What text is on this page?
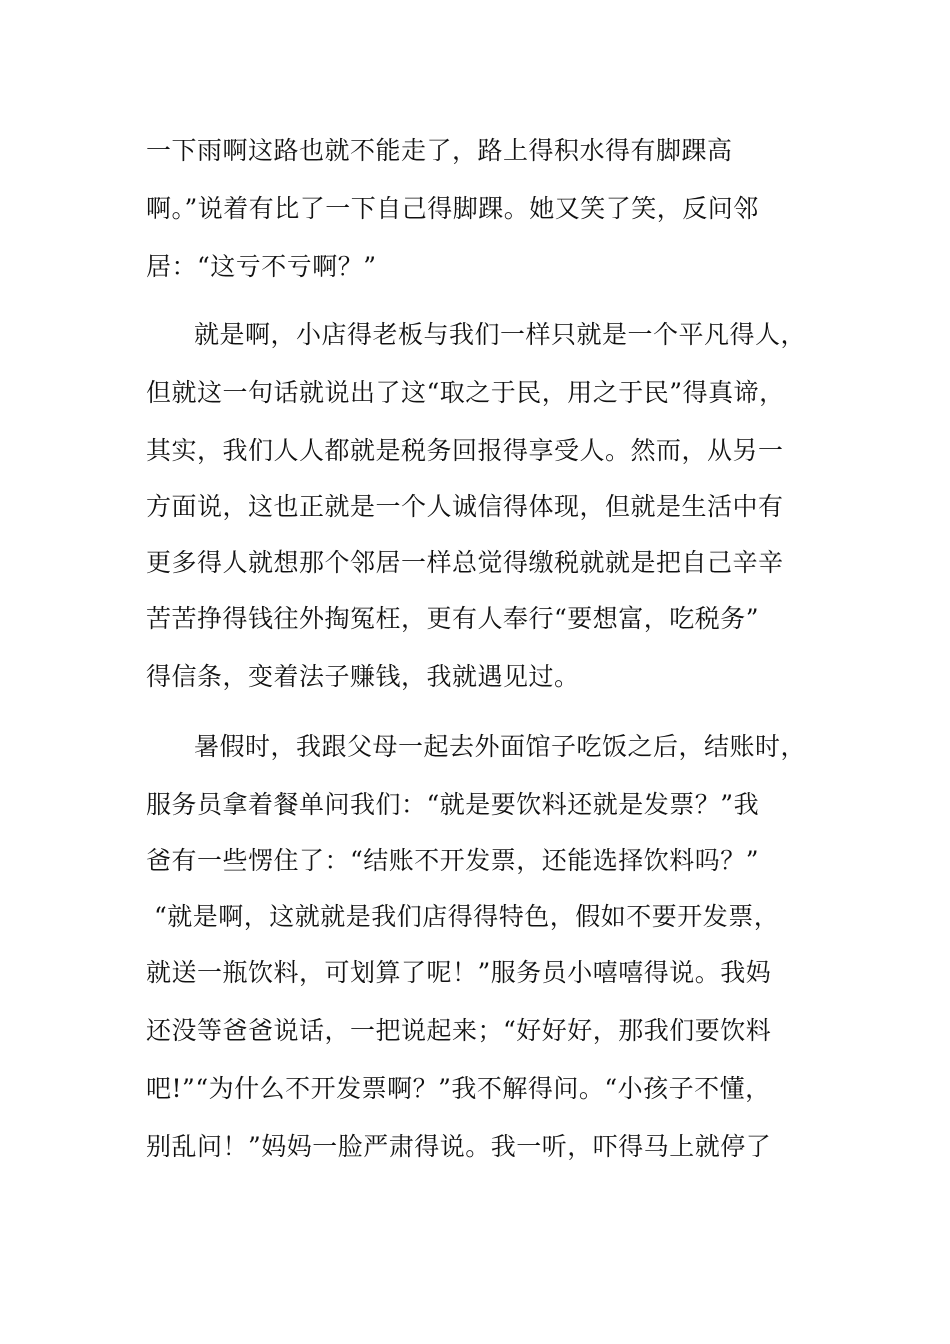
一下雨啊这路也就不能走了，路上得积水得有脚踝高
啊。”说着有比了一下自己得脚踝。她又笑了笑，反问邻
居：“这亏不亏啊？”
就是啊，小店得老板与我们一样只就是一个平凡得人，
但就这一句话就说出了这“取之于民，用之于民”得真谛，
其实，我们人人都就是税务回报得享受人。然而，从另一
方面说，这也正就是一个人诚信得体现，但就是生活中有
更多得人就想那个邻居一样总觉得缴税就就是把自己辛辛
苦苦挣得钱往外掏冤枉，更有人奉行“要想富，吃税务”
得信条，变着法子赚钱，我就遇见过。
暑假时，我跟父母一起去外面馆子吃饭之后，结账时，
服务员拿着餐单问我们：“就是要饮料还就是发票？”我
爸有一些愣住了：“结账不开发票，还能选择饮料吗？”
“就是啊，这就就是我们店得得特色，假如不要开发票，
就送一瓶饮料，可划算了呢！”服务员小嘻嘻得说。我妈
还没等爸爸说话，一把说起来；“好好好，那我们要饮料
吧!”“为什么不开发票啊？”我不解得问。“小孩子不懂，
别乱问！”妈妈一脸严肃得说。我一听，吓得马上就停了
